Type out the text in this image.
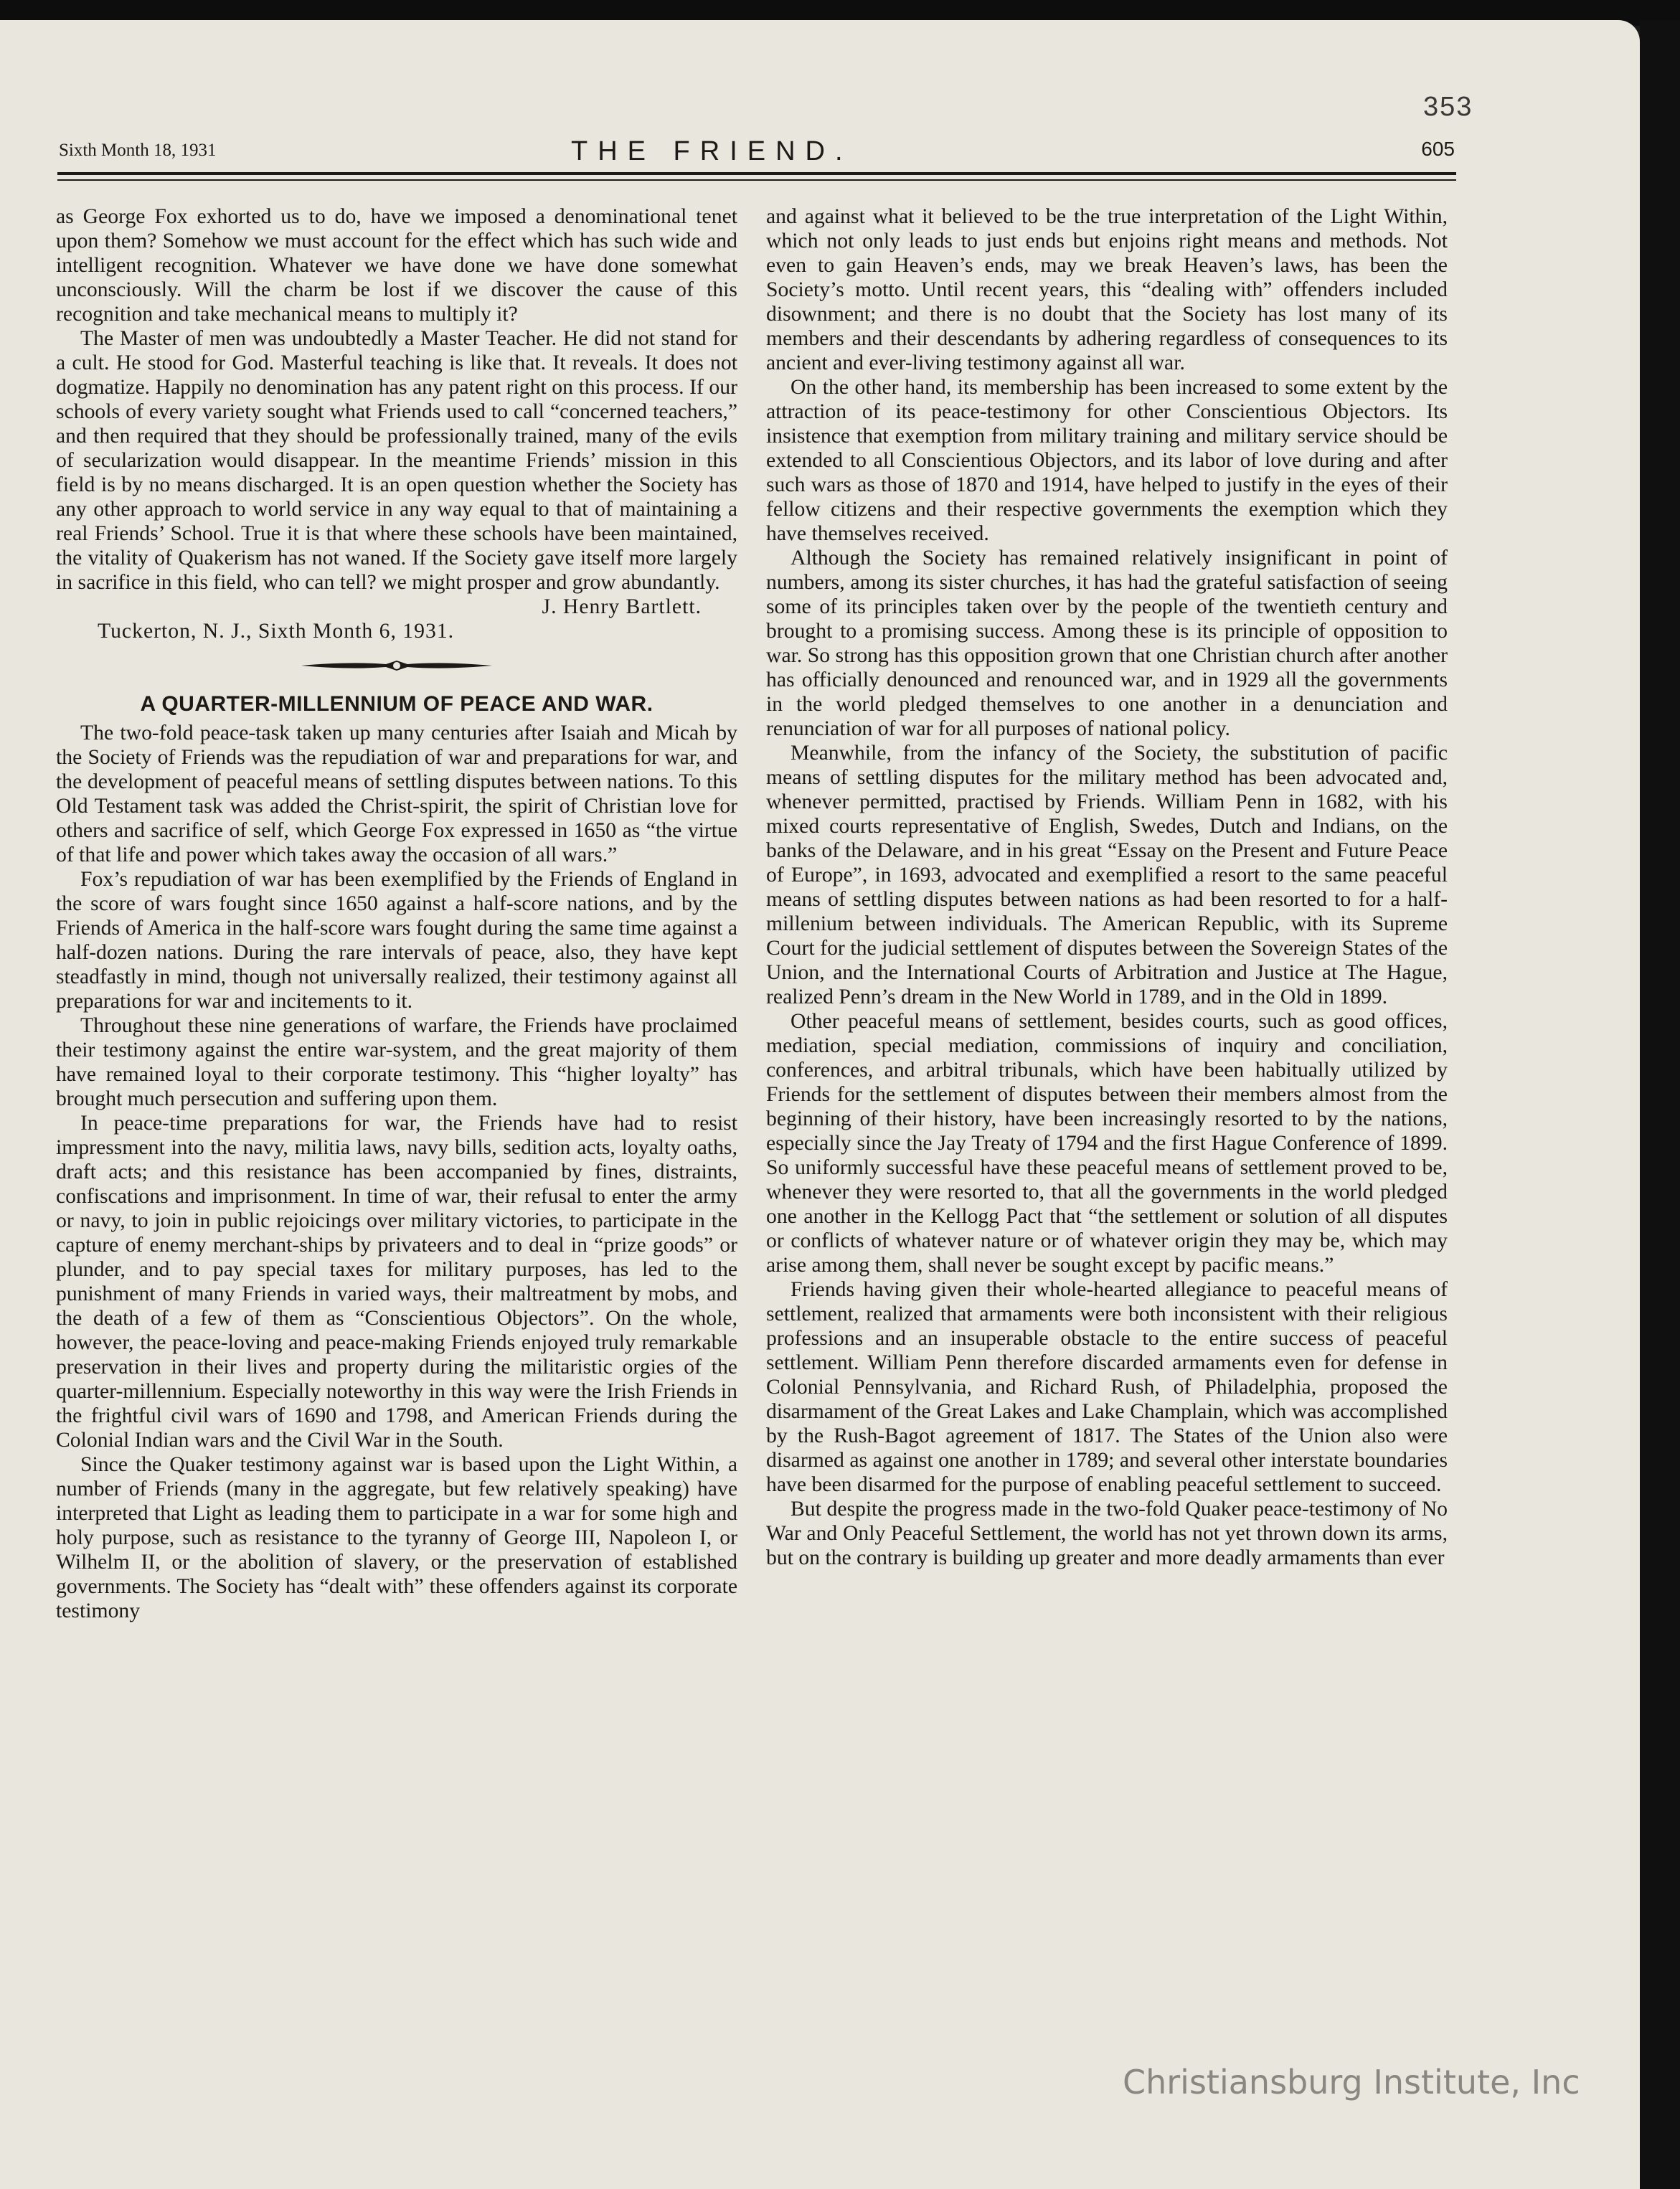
353
Sixth Month 18, 1931	THE FRIEND.	605

as George Fox exhorted us to do, have we imposed a denominational tenet upon them? Somehow we must account for the effect which has such wide and intelligent recognition. Whatever we have done we have done somewhat unconsciously. Will the charm be lost if we discover the cause of this recognition and take mechanical means to multiply it?

The Master of men was undoubtedly a Master Teacher. He did not stand for a cult. He stood for God. Masterful teaching is like that. It reveals. It does not dogmatize. Happily no denomination has any patent right on this process. If our schools of every variety sought what Friends used to call “concerned teachers,” and then required that they should be professionally trained, many of the evils of secularization would disappear. In the meantime Friends’ mission in this field is by no means discharged. It is an open question whether the Society has any other approach to world service in any way equal to that of maintaining a real Friends’ School. True it is that where these schools have been maintained, the vitality of Quakerism has not waned. If the Society gave itself more largely in sacrifice in this field, who can tell? we might prosper and grow abundantly.

J. Henry Bartlett.

Tuckerton, N. J., Sixth Month 6, 1931.

A QUARTER-MILLENNIUM OF PEACE AND WAR.

The two-fold peace-task taken up many centuries after Isaiah and Micah by the Society of Friends was the repudiation of war and preparations for war, and the development of peaceful means of settling disputes between nations. To this Old Testament task was added the Christ-spirit, the spirit of Christian love for others and sacrifice of self, which George Fox expressed in 1650 as “the virtue of that life and power which takes away the occasion of all wars.”

Fox’s repudiation of war has been exemplified by the Friends of England in the score of wars fought since 1650 against a half-score nations, and by the Friends of America in the half-score wars fought during the same time against a half-dozen nations. During the rare intervals of peace, also, they have kept steadfastly in mind, though not universally realized, their testimony against all preparations for war and incitements to it.

Throughout these nine generations of warfare, the Friends have proclaimed their testimony against the entire war-system, and the great majority of them have remained loyal to their corporate testimony. This “higher loyalty” has brought much persecution and suffering upon them.

In peace-time preparations for war, the Friends have had to resist impressment into the navy, militia laws, navy bills, sedition acts, loyalty oaths, draft acts; and this resistance has been accompanied by fines, distraints, confiscations and imprisonment. In time of war, their refusal to enter the army or navy, to join in public rejoicings over military victories, to participate in the capture of enemy merchant-ships by privateers and to deal in “prize goods” or plunder, and to pay special taxes for military purposes, has led to the punishment of many Friends in varied ways, their maltreatment by mobs, and the death of a few of them as “Conscientious Objectors”. On the whole, however, the peace-loving and peace-making Friends enjoyed truly remarkable preservation in their lives and property during the militaristic orgies of the quarter-millennium. Especially noteworthy in this way were the Irish Friends in the frightful civil wars of 1690 and 1798, and American Friends during the Colonial Indian wars and the Civil War in the South.

Since the Quaker testimony against war is based upon the Light Within, a number of Friends (many in the aggregate, but few relatively speaking) have interpreted that Light as leading them to participate in a war for some high and holy purpose, such as resistance to the tyranny of George III, Napoleon I, or Wilhelm II, or the abolition of slavery, or the preservation of established governments. The Society has “dealt with” these offenders against its corporate testimony

and against what it believed to be the true interpretation of the Light Within, which not only leads to just ends but enjoins right means and methods. Not even to gain Heaven’s ends, may we break Heaven’s laws, has been the Society’s motto. Until recent years, this “dealing with” offenders included disownment; and there is no doubt that the Society has lost many of its members and their descendants by adhering regardless of consequences to its ancient and ever-living testimony against all war.

On the other hand, its membership has been increased to some extent by the attraction of its peace-testimony for other Conscientious Objectors. Its insistence that exemption from military training and military service should be extended to all Conscientious Objectors, and its labor of love during and after such wars as those of 1870 and 1914, have helped to justify in the eyes of their fellow citizens and their respective governments the exemption which they have themselves received.

Although the Society has remained relatively insignificant in point of numbers, among its sister churches, it has had the grateful satisfaction of seeing some of its principles taken over by the people of the twentieth century and brought to a promising success. Among these is its principle of opposition to war. So strong has this opposition grown that one Christian church after another has officially denounced and renounced war, and in 1929 all the governments in the world pledged themselves to one another in a denunciation and renunciation of war for all purposes of national policy.

Meanwhile, from the infancy of the Society, the substitution of pacific means of settling disputes for the military method has been advocated and, whenever permitted, practised by Friends. William Penn in 1682, with his mixed courts representative of English, Swedes, Dutch and Indians, on the banks of the Delaware, and in his great “Essay on the Present and Future Peace of Europe”, in 1693, advocated and exemplified a resort to the same peaceful means of settling disputes between nations as had been resorted to for a half-millenium between individuals. The American Republic, with its Supreme Court for the judicial settlement of disputes between the Sovereign States of the Union, and the International Courts of Arbitration and Justice at The Hague, realized Penn’s dream in the New World in 1789, and in the Old in 1899.

Other peaceful means of settlement, besides courts, such as good offices, mediation, special mediation, commissions of inquiry and conciliation, conferences, and arbitral tribunals, which have been habitually utilized by Friends for the settlement of disputes between their members almost from the beginning of their history, have been increasingly resorted to by the nations, especially since the Jay Treaty of 1794 and the first Hague Conference of 1899. So uniformly successful have these peaceful means of settlement proved to be, whenever they were resorted to, that all the governments in the world pledged one another in the Kellogg Pact that “the settlement or solution of all disputes or conflicts of whatever nature or of whatever origin they may be, which may arise among them, shall never be sought except by pacific means.”

Friends having given their whole-hearted allegiance to peaceful means of settlement, realized that armaments were both inconsistent with their religious professions and an insuperable obstacle to the entire success of peaceful settlement. William Penn therefore discarded armaments even for defense in Colonial Pennsylvania, and Richard Rush, of Philadelphia, proposed the disarmament of the Great Lakes and Lake Champlain, which was accomplished by the Rush-Bagot agreement of 1817. The States of the Union also were disarmed as against one another in 1789; and several other interstate boundaries have been disarmed for the purpose of enabling peaceful settlement to succeed.

But despite the progress made in the two-fold Quaker peace-testimony of No War and Only Peaceful Settlement, the world has not yet thrown down its arms, but on the contrary is building up greater and more deadly armaments than ever

Christiansburg Institute, Inc
